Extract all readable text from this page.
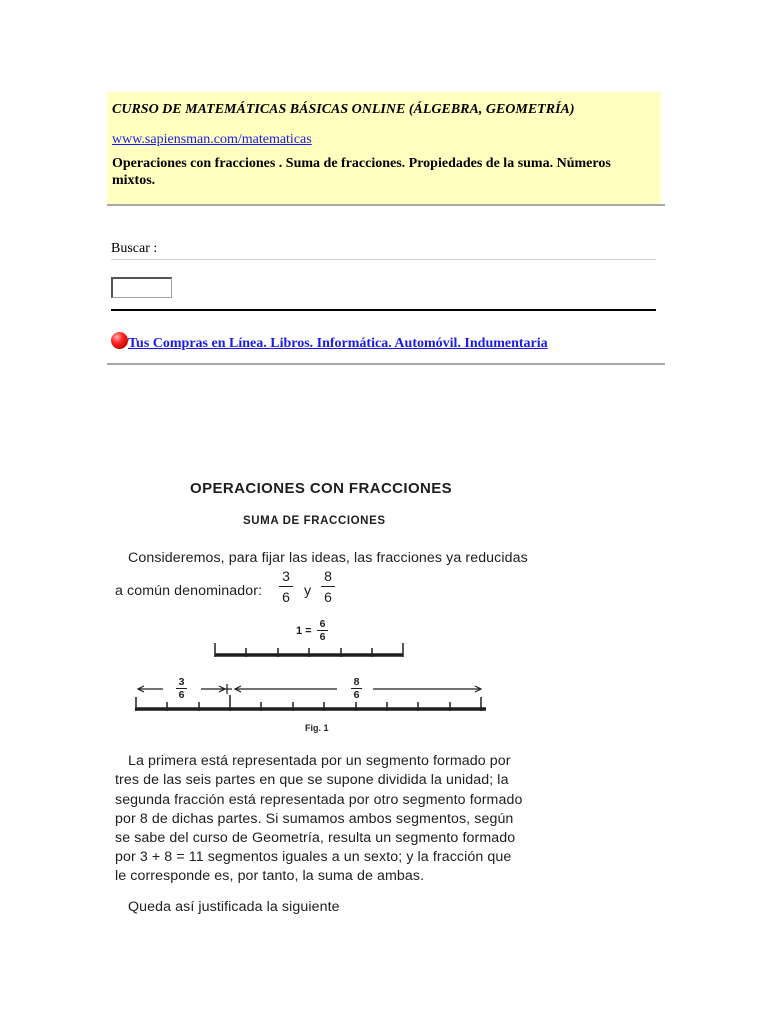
CURSO DE MATEMÁTICAS BÁSICAS ONLINE (ÁLGEBRA, GEOMETRÍA)
www.sapiensman.com/matematicas
Operaciones con fracciones . Suma de fracciones. Propiedades de la suma. Números mixtos.
Buscar :
Tus Compras en Línea. Libros. Informática. Automóvil. Indumentaria
OPERACIONES CON FRACCIONES
SUMA DE FRACCIONES
Consideremos, para fijar las ideas, las fracciones ya reducidas
a común denominador:
3
6 y
8
6
1 =
6
6
3
6
8
6
Fig. 1
La primera está representada por un segmento formado por
tres de las seis partes en que se supone dividida la unidad; la
segunda fracción está representada por otro segmento formado
por 8 de dichas partes. Si sumamos ambos segmentos, según
se sabe del curso de Geometría, resulta un segmento formado
por 3 + 8 = 11 segmentos iguales a un sexto; y la fracción que
le corresponde es, por tanto, la suma de ambas.
Queda así justificada la siguiente
